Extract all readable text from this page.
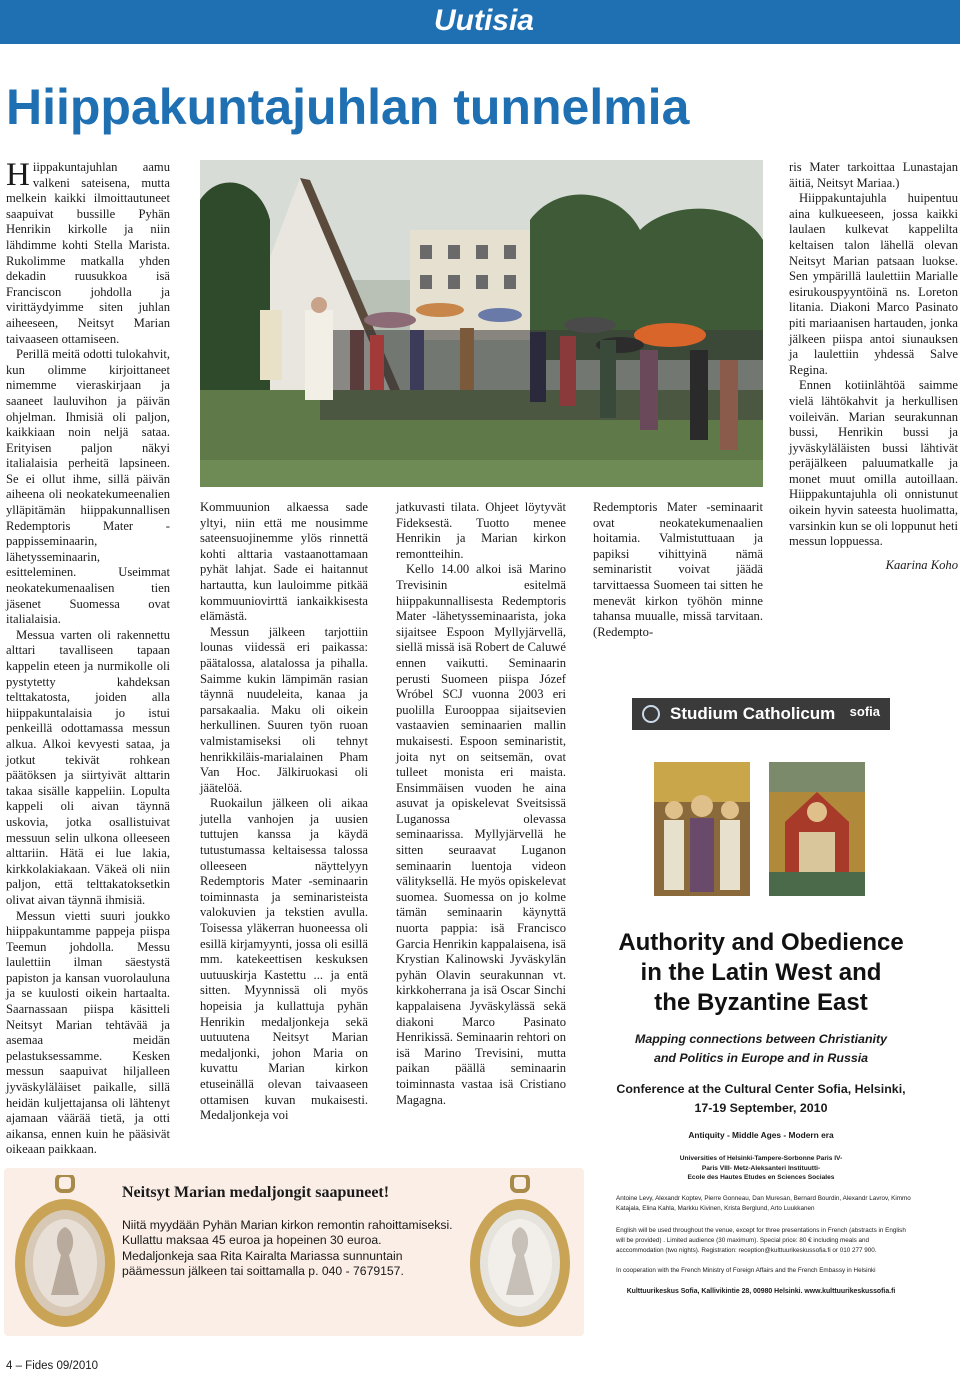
Uutisia
Hiippakuntajuhlan tunnelmia

Hiippakuntajuhlan aamu valkeni sateisena, mutta melkein kaikki ilmoittautuneet saapuivat bussille Pyhän Henrikin kirkolle ja niin lähdimme kohti Stella Marista. Rukolimme matkalla yhden dekadin ruusukkoa isä Franciscon johdolla ja virittäydyimme siten juhlan aiheeseen, Neitsyt Marian taivaaseen ottamiseen.

Perillä meitä odotti tulokahvit, kun olimme kirjoittaneet nimemme vieraskirjaan ja saaneet lauluvihon ja päivän ohjelman. Ihmisiä oli paljon, kaikkiaan noin neljä sataa. Erityisen paljon näkyi italialaisia perheitä lapsineen. Se ei ollut ihme, sillä päivän aiheena oli neokatekumeenalien ylläpitämän hiippakunnallisen Redemptoris Mater -pappisseminaarin, lähetysseminaarin, esitteleminen. Useimmat neokatekumenaalisen tien jäsenet Suomessa ovat italialaisia.

Messua varten oli rakennettu alttari tavalliseen tapaan kappelin eteen ja nurmikolle oli pystytetty kahdeksan telttakatosta, joiden alla hiippakuntalaisia jo istui penkeillä odottamassa messun alkua. Alkoi kevyesti sataa, ja jotkut tekivät rohkean päätöksen ja siirtyivät alttarin takaa sisälle kappeliin. Lopulta kappeli oli aivan täynnä uskovia, jotka osallistuivat messuun selin ulkona olleeseen alttariin. Hätä ei lue lakia, kirkkolakiakaan. Väkeä oli niin paljon, että telttakatoksetkin olivat aivan täynnä ihmisiä.

Messun vietti suuri joukko hiippakuntamme pappeja piispa Teemun johdolla. Messu laulettiin ilman säestystä papiston ja kansan vuorolauluna ja se kuulosti oikein hartaalta. Saarnassaan piispa käsitteli Neitsyt Marian tehtävää ja asemaa meidän pelastuksessamme. Kesken messun saapuivat hiljalleen jyväskyläläiset paikalle, sillä heidän kuljettajansa oli lähtenyt ajamaan väärää tietä, ja otti aikansa, ennen kuin he pääsivät oikeaan paikkaan.

Kommuunion alkaessa sade yltyi, niin että me nousimme sateensuojinemme ylös rinnettä kohti alttaria vastaanottamaan pyhät lahjat. Sade ei haitannut hartautta, kun lauloimme pitkää kommuuniovirttä iankaikkisesta elämästä.

Messun jälkeen tarjottiin lounas viidessä eri paikassa: päätalossa, alatalossa ja pihalla. Saimme kukin lämpimän rasian täynnä nuudeleita, kanaa ja parsakaalia. Maku oli oikein herkullinen. Suuren työn ruoan valmistamiseksi oli tehnyt henrikkiläis-marialainen Pham Van Hoc. Jälkiruokasi oli jäätelöä.

Ruokailun jälkeen oli aikaa jutella vanhojen ja uusien tuttujen kanssa ja käydä tutustumassa keltaisessa talossa olleeseen näyttelyyn Redemptoris Mater -seminaarin toiminnasta ja seminaristeista valokuvien ja tekstien avulla. Toisessa yläkerran huoneessa oli esillä kirjamyynti, jossa oli esillä mm. katekeettisen keskuksen uutuuskirja Kastettu ... ja entä sitten. Myynnissä oli myös hopeisia ja kullattuja pyhän Henrikin medaljonkeja sekä uutuutena Neitsyt Marian medaljonki, johon Maria on kuvattu Marian kirkon etuseinällä olevan taivaaseen ottamisen kuvan mukaisesti. Medaljonkeja voi

jatkuvasti tilata. Ohjeet löytyvät Fideksestä. Tuotto menee Henrikin ja Marian kirkon remontteihin.

Kello 14.00 alkoi isä Marino Trevisinin esitelmä hiippakunnallisesta Redemptoris Mater -lähetysseminaarista, joka sijaitsee Espoon Myllyjärvellä, siellä missä isä Robert de Caluwé ennen vaikutti. Seminaarin perusti Suomeen piispa Józef Wróbel SCJ vuonna 2003 eri puolilla Eurooppaa sijaitsevien vastaavien seminaarien mallin mukaisesti. Espoon seminaristit, joita nyt on seitsemän, ovat tulleet monista eri maista. Ensimmäisen vuoden he aina asuvat ja opiskelevat Sveitsissä Luganossa olevassa seminaarissa. Myllyjärvellä he sitten seuraavat Luganon seminaarin luentoja videon välityksellä. He myös opiskelevat suomea. Suomessa on jo kolme tämän seminaarin käynyttä nuorta pappia: isä Francisco Garcia Henrikin kappalaisena, isä Krystian Kalinowski Jyväskylän pyhän Olavin seurakunnan vt. kirkkoherrana ja isä Oscar Sinchi kappalaisena Jyväskylässä sekä diakoni Marco Pasinato Henrikissä. Seminaarin rehtori on isä Marino Trevisini, mutta paikan päällä seminaarin toiminnasta vastaa isä Cristiano Magagna.

Redemptoris Mater -seminaarit ovat neokatekumenaalien hoitamia. Valmistuttuaan ja papiksi vihittyinä nämä seminaristit voivat jäädä tarvittaessa Suomeen tai sitten he menevät kirkon työhön minne tahansa muualle, missä tarvitaan. (Redempto-

ris Mater tarkoittaa Lunastajan äitiä, Neitsyt Mariaa.)

Hiippakuntajuhla huipentuu aina kulkueeseen, jossa kaikki laulaen kulkevat kappelilta keltaisen talon lähellä olevan Neitsyt Marian patsaan luokse. Sen ympärillä laulettiin Marialle esirukouspyyntöinä ns. Loreton litania. Diakoni Marco Pasinato piti mariaanisen hartauden, jonka jälkeen piispa antoi siunauksen ja laulettiin yhdessä Salve Regina.

Ennen kotiinlähtöä saimme vielä lähtökahvit ja herkullisen voileivän. Marian seurakunnan bussi, Henrikin bussi ja jyväskyläläisten bussi lähtivät peräjälkeen paluumatkalle ja monet muut omilla autoillaan. Hiippakuntajuhla oli onnistunut oikein hyvin sateesta huolimatta, varsinkin kun se oli loppunut heti messun loppuessa.

Kaarina Koho
Studium Catholicum sofia
Authority and Obedience
in the Latin West and
the Byzantine East
Mapping connections between Christianity
and Politics in Europe and in Russia
Conference at the Cultural Center Sofia, Helsinki,
17-19 September, 2010
Antiquity - Middle Ages - Modern era
Universities of Helsinki-Tampere-Sorbonne Paris IV-
Paris VIII- Metz-Aleksanteri Instituutti-
Ecole des Hautes Etudes en Sciences Sociales
Antoine Levy, Alexandr Koptev, Pierre Gonneau, Dan Muresan, Bernard Bourdin, Alexandr Lavrov, Kimmo Katajala, Elina Kahla, Markku Kivinen, Krista Berglund, Arto Luukkanen
English will be used throughout the venue, except for three presentations in French (abstracts in English will be provided) . Limited audience (30 maximum). Special price: 80 € including meals and acccommodation (two nights). Registration: reception@kulttuurikeskussofia.fi or 010 277 900.
In cooperation with the French Ministry of Foreign Affairs and the French Embassy in Helsinki
Kulttuurikeskus Sofia, Kallivikintie 28, 00980 Helsinki. www.kulttuurikeskussofia.fi
Neitsyt Marian medaljongit saapuneet!
Niitä myydään Pyhän Marian kirkon remontin rahoittamiseksi. Kullattu maksaa 45 euroa ja hopeinen 30 euroa. Medaljonkeja saa Rita Kairalta Mariassa sunnuntain päämessun jälkeen tai soittamalla p. 040 - 7679157.
4 – Fides 09/2010
